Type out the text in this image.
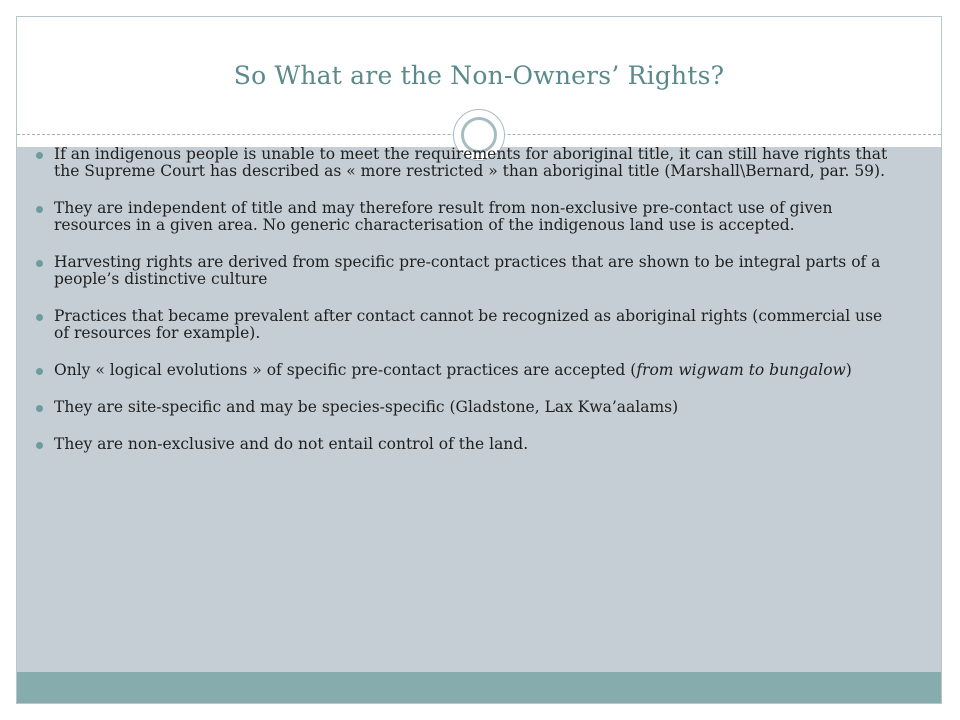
So What are the Non-Owners’ Rights?
If an indigenous people is unable to meet the requirements for aboriginal title, it can still have rights that the Supreme Court has described as « more restricted » than aboriginal title (Marshall\Bernard, par. 59).
They are independent of title and may therefore result from non-exclusive pre-contact use of given resources in a given area. No generic characterisation of the indigenous land use is accepted.
Harvesting rights are derived from specific pre-contact practices that are shown to be integral parts of a people’s distinctive culture
Practices that became prevalent after contact cannot be recognized as aboriginal rights (commercial use of resources for example).
Only « logical evolutions » of specific pre-contact practices are accepted (from wigwam to bungalow)
They are site-specific and may be species-specific (Gladstone, Lax Kwa’aalams)
They are non-exclusive and do not entail control of the land.
